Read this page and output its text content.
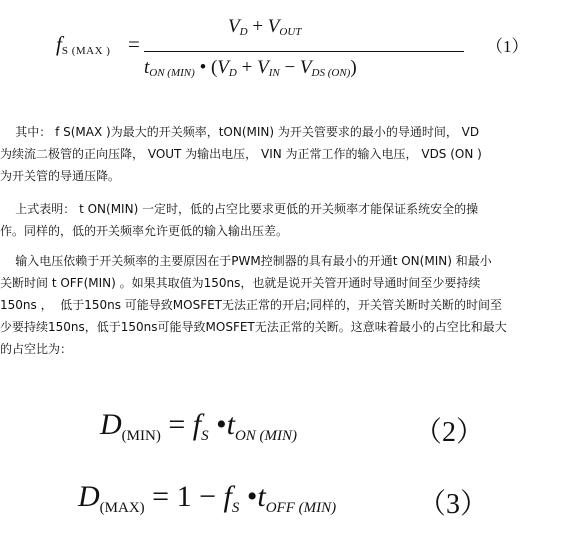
$f_{S (MAX )}$ =
$V_D + V_{OUT}$
$t_{ON (MIN)}$ • $(V_D + V_{IN} - V_{DS (ON)})$
（1）

其中： f S(MAX )为最大的开关频率，tON(MIN) 为开关管要求的最小的导通时间， VD

为续流二极管的正向压降， VOUT 为输出电压， VIN 为正常工作的输入电压， VDS (ON )

为开关管的导通压降。

上式表明： t ON(MIN) 一定时，低的占空比要求更低的开关频率才能保证系统安全的操

作。同样的，低的开关频率允许更低的输入输出压差。

输入电压依赖于开关频率的主要原因在于PWM控制器的具有最小的开通t ON(MIN) 和最小

关断时间 t OFF(MIN) 。如果其取值为150ns，也就是说开关管开通时导通时间至少要持续

150ns ，  低于150ns 可能导致MOSFET无法正常的开启;同样的，开关管关断时关断的时间至

少要持续150ns，低于150ns可能导致MOSFET无法正常的关断。这意味着最小的占空比和最大

的占空比为：

$D_{(MIN)} = f_S$ $•t_{ON (MIN)}$	（2）
$D_{(MAX)} = 1 - f_S$ $•t_{OFF (MIN)}$	（3）
